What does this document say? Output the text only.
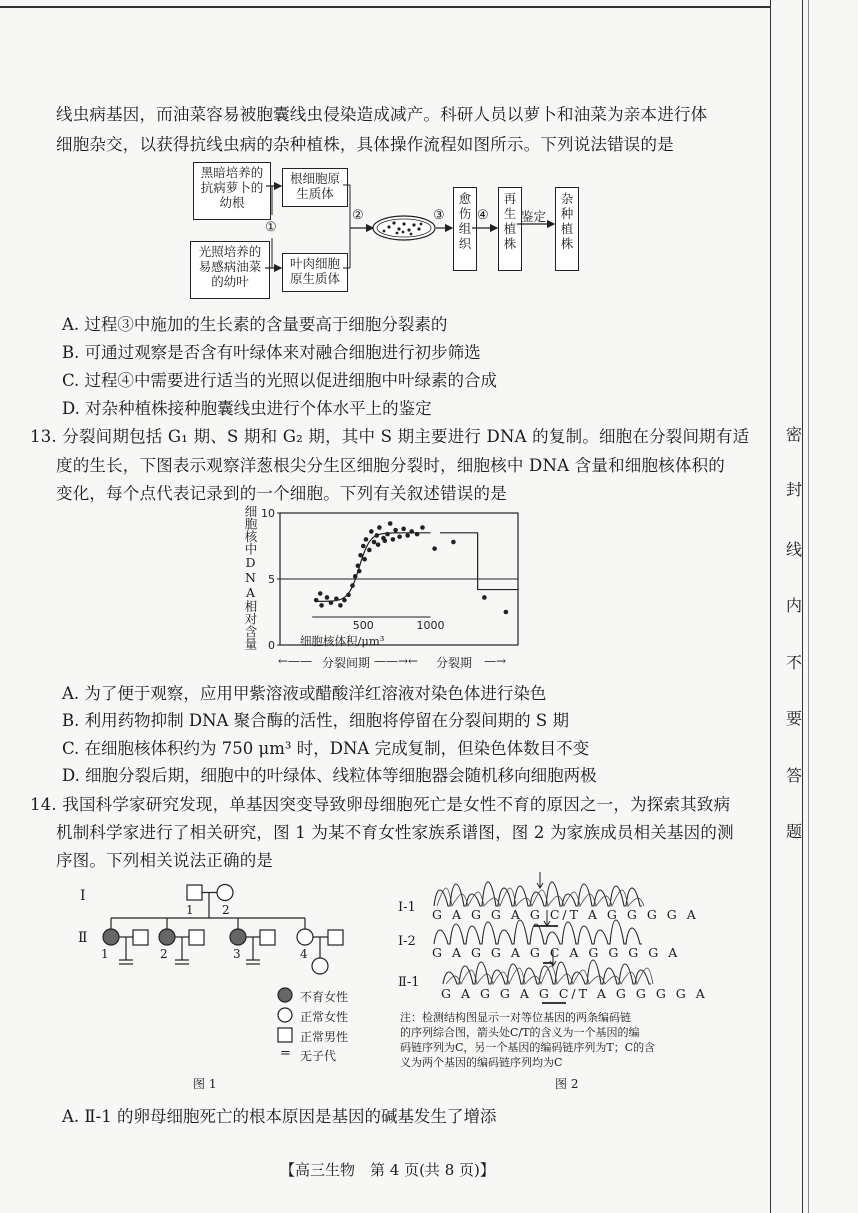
密
封
线
内
不
要
答
题
线虫病基因，而油菜容易被胞囊线虫侵染造成减产。科研人员以萝卜和油菜为亲本进行体
细胞杂交，以获得抗线虫病的杂种植株，具体操作流程如图所示。下列说法错误的是
黑暗培养的抗病萝卜的幼根
根细胞原生质体
光照培养的易感病油菜的幼叶
叶肉细胞原生质体
愈伤组织
再生植株
杂种植株
①
②	③ ④	鉴定
A. 过程③中施加的生长素的含量要高于细胞分裂素的
B. 可通过观察是否含有叶绿体来对融合细胞进行初步筛选
C. 过程④中需要进行适当的光照以促进细胞中叶绿素的合成
D. 对杂种植株接种胞囊线虫进行个体水平上的鉴定
13. 分裂间期包括 G₁ 期、S 期和 G₂ 期，其中 S 期主要进行 DNA 的复制。细胞在分裂间期有适
度的生长，下图表示观察洋葱根尖分生区细胞分裂时，细胞核中 DNA 含量和细胞核体积的
变化，每个点代表记录到的一个细胞。下列有关叙述错误的是
细胞核中DNA相对含量 0
5
10
500	1000
细胞核体积/μm³
←—— 分裂间期 ——→← 分裂期 —→
A. 为了便于观察，应用甲紫溶液或醋酸洋红溶液对染色体进行染色
B. 利用药物抑制 DNA 聚合酶的活性，细胞将停留在分裂间期的 S 期
C. 在细胞核体积约为 750 μm³ 时，DNA 完成复制，但染色体数目不变
D. 细胞分裂后期，细胞中的叶绿体、线粒体等细胞器会随机移向细胞两极
14. 我国科学家研究发现，单基因突变导致卵母细胞死亡是女性不育的原因之一，为探索其致病
机制科学家进行了相关研究，图 1 为某不育女性家族系谱图，图 2 为家族成员相关基因的测
序图。下列相关说法正确的是
Ⅰ
Ⅱ
1 2
1	2	3	4
不育女性
正常女性
正常男性
= 无子代
图 1
Ⅰ-1
Ⅰ-2
Ⅱ-1
G A G G A G C/T A G G G G A
G A G G A G C A G G G G A
G A G G A G C/T A G G G G A
注：检测结构图显示一对等位基因的两条编码链
的序列综合图，箭头处C/T的含义为一个基因的编
码链序列为C，另一个基因的编码链序列为T；C的含
义为两个基因的编码链序列均为C
图 2
A. Ⅱ-1 的卵母细胞死亡的根本原因是基因的碱基发生了增添
【高三生物　第 4 页(共 8 页)】
